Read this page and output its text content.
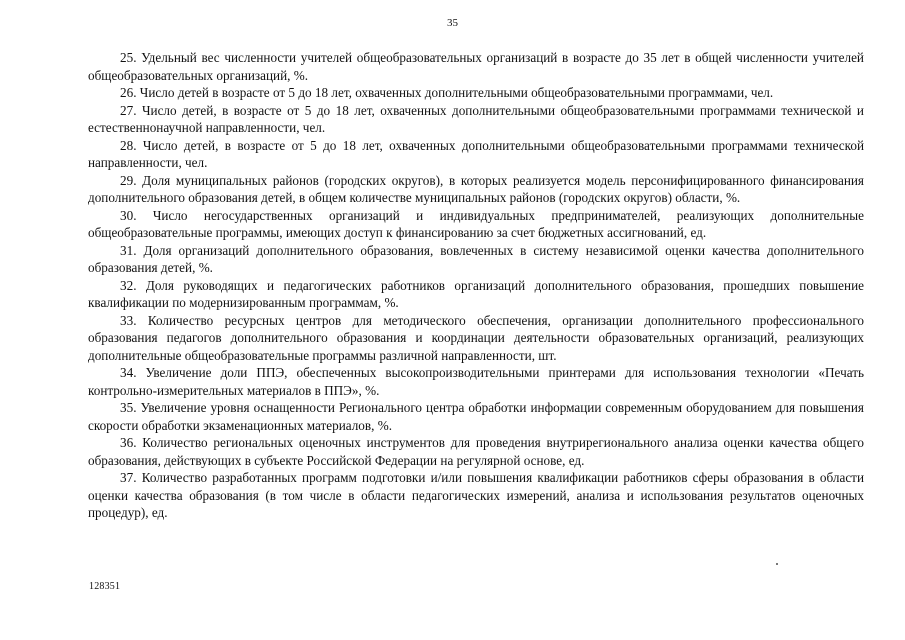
35

25. Удельный вес численности учителей общеобразовательных организаций в возрасте до 35 лет в общей численности учителей общеобразовательных организаций, %.

26. Число детей в возрасте от 5 до 18 лет, охваченных дополнительными общеобразовательными программами, чел.

27. Число детей, в возрасте от 5 до 18 лет, охваченных дополнительными общеобразовательными программами технической и естественнонаучной направленности, чел.

28. Число детей, в возрасте от 5 до 18 лет, охваченных дополнительными общеобразовательными программами технической направленности, чел.

29. Доля муниципальных районов (городских округов), в которых реализуется модель персонифицированного финансирования дополнительного образования детей, в общем количестве муниципальных районов (городских округов) области, %.

30. Число негосударственных организаций и индивидуальных предпринимателей, реализующих дополнительные общеобразовательные программы, имеющих доступ к финансированию за счет бюджетных ассигнований, ед.

31. Доля организаций дополнительного образования, вовлеченных в систему независимой оценки качества дополнительного образования детей, %.

32. Доля руководящих и педагогических работников организаций дополнительного образования, прошедших повышение квалификации по модернизированным программам, %.

33. Количество ресурсных центров для методического обеспечения, организации дополнительного профессионального образования педагогов дополнительного образования и координации деятельности образовательных организаций, реализующих дополнительные общеобразовательные программы различной направленности, шт.

34. Увеличение доли ППЭ, обеспеченных высокопроизводительными принтерами для использования технологии «Печать контрольно-измерительных материалов в ППЭ», %.

35. Увеличение уровня оснащенности Регионального центра обработки информации современным оборудованием для повышения скорости обработки экзаменационных материалов, %.

36. Количество региональных оценочных инструментов для проведения внутрирегионального анализа оценки качества общего образования, действующих в субъекте Российской Федерации на регулярной основе, ед.

37. Количество разработанных программ подготовки и/или повышения квалификации работников сферы образования в области оценки качества образования (в том числе в области педагогических измерений, анализа и использования результатов оценочных процедур), ед.

128351
